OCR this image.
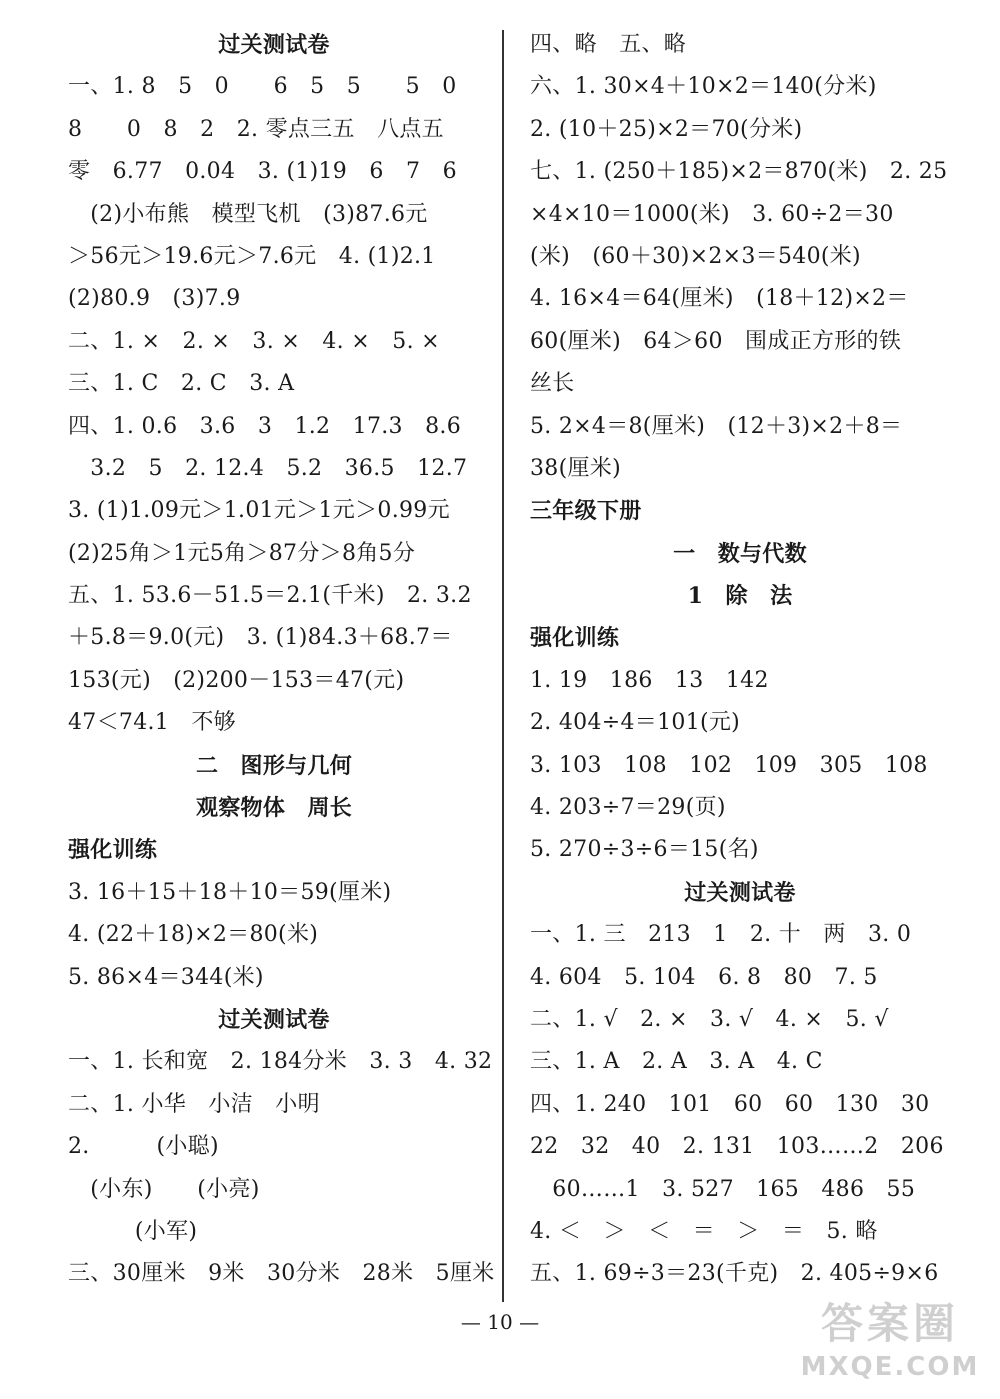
过关测试卷
一、1. 8　5　0　　6　5　5　　5　0
8　　0　8　2　2. 零点三五　八点五
零　6.77　0.04　3. (1)19　6　7　6
　(2)小布熊　模型飞机　(3)87.6元
＞56元＞19.6元＞7.6元　4. (1)2.1
(2)80.9　(3)7.9
二、1. ×　2. ×　3. ×　4. ×　5. ×
三、1. C　2. C　3. A
四、1. 0.6　3.6　3　1.2　17.3　8.6
　3.2　5　2. 12.4　5.2　36.5　12.7
3. (1)1.09元＞1.01元＞1元＞0.99元
(2)25角＞1元5角＞87分＞8角5分
五、1. 53.6－51.5＝2.1(千米)　2. 3.2
＋5.8＝9.0(元)　3. (1)84.3＋68.7＝
153(元)　(2)200－153＝47(元)
47＜74.1　不够
二　图形与几何
观察物体　周长
强化训练
3. 16＋15＋18＋10＝59(厘米)
4. (22＋18)×2＝80(米)
5. 86×4＝344(米)
过关测试卷
一、1. 长和宽　2. 184分米　3. 3　4. 32
二、1. 小华　小洁　小明
2.　　　(小聪)
　(小东)　　(小亮)
　　　(小军)
三、30厘米　9米　30分米　28米　5厘米
四、略　五、略
六、1. 30×4＋10×2＝140(分米)
2. (10＋25)×2＝70(分米)
七、1. (250＋185)×2＝870(米)　2. 25
×4×10＝1000(米)　3. 60÷2＝30
(米)　(60＋30)×2×3＝540(米)
4. 16×4＝64(厘米)　(18＋12)×2＝
60(厘米)　64＞60　围成正方形的铁
丝长
5. 2×4＝8(厘米)　(12＋3)×2＋8＝
38(厘米)
三年级下册
一　数与代数
1　除　法
强化训练
1. 19　186　13　142
2. 404÷4＝101(元)
3. 103　108　102　109　305　108
4. 203÷7＝29(页)
5. 270÷3÷6＝15(名)
过关测试卷
一、1. 三　213　1　2. 十　两　3. 0
4. 604　5. 104　6. 8　80　7. 5
二、1. √　2. ×　3. √　4. ×　5. √
三、1. A　2. A　3. A　4. C
四、1. 240　101　60　60　130　30
22　32　40　2. 131　103……2　206
　60……1　3. 527　165　486　55
4. ＜　＞　＜　＝　＞　＝　5. 略
五、1. 69÷3＝23(千克)　2. 405÷9×6
— 10 —	答案圈
MXQE.COM
